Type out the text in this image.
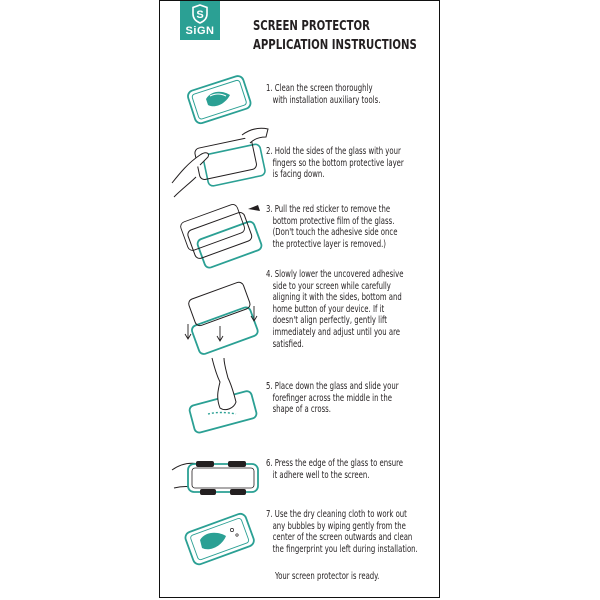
S
SiGN	SCREEN PROTECTOR
APPLICATION INSTRUCTIONS
1. Clean the screen thoroughly
with installation auxiliary tools.
2. Hold the sides of the glass with your
fingers so the bottom protective layer
is facing down.
3. Pull the red sticker to remove the
bottom protective film of the glass.
(Don't touch the adhesive side once
the protective layer is removed.)
4. Slowly lower the uncovered adhesive
side to your screen while carefully
aligning it with the sides, bottom and
home button of your device. If it
doesn't align perfectly, gently lift
immediately and adjust until you are
satisfied.
5. Place down the glass and slide your
forefinger across the middle in the
shape of a cross.
6. Press the edge of the glass to ensure
it adhere well to the screen.
7. Use the dry cleaning cloth to work out
any bubbles by wiping gently from the
center of the screen outwards and clean
the fingerprint you left during installation.
Your screen protector is ready.
